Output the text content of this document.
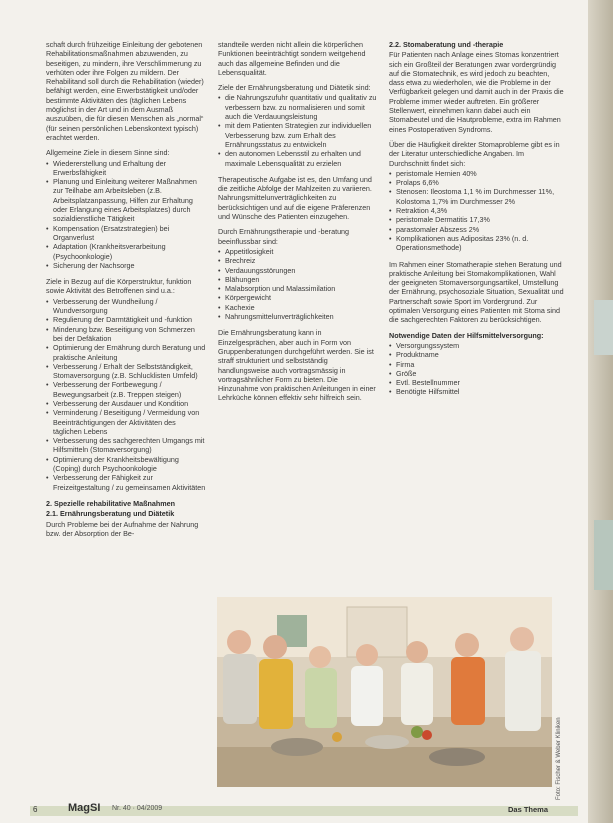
schaft durch frühzeitige Einleitung der gebotenen Rehabilitationsmaßnahmen abzuwenden, zu beseitigen, zu mindern, ihre Verschlimmerung zu verhüten oder ihre Folgen zu mildern. Der Rehabilitand soll durch die Rehabilitation (wieder) befähigt werden, eine Erwerbstätigkeit und/oder bestimmte Aktivitäten des (täglichen Lebens möglichst in der Art und in dem Ausmaß auszuüben, die für diesen Menschen als „normal“ (für seinen persönlichen Lebenskontext typisch) erachtet werden.

Allgemeine Ziele in diesem Sinne sind:

• Wiedererstellung und Erhaltung der Erwerbsfähigkeit
• Planung und Einleitung weiterer Maßnahmen zur Teilhabe am Arbeitsleben (z.B. Arbeitsplatzanpassung, Hilfen zur Erhaltung oder Erlangung eines Arbeitsplatzes) durch sozialdienstliche Tätigkeit
• Kompensation (Ersatzstrategien) bei Organverlust
• Adaptation (Krankheitsverarbeitung (Psychoonkologie)
• Sicherung der Nachsorge

Ziele in Bezug auf die Körperstruktur, funktion sowie Aktivität des Betroffenen sind u.a.:

• Verbesserung der Wundheilung / Wundversorgung
• Regulierung der Darmtätigkeit und -funktion
• Minderung bzw. Beseitigung von Schmerzen bei der Defäkation
• Optimierung der Ernährung durch Beratung und praktische Anleitung
• Verbesserung / Erhalt der Selbstständigkeit, Stomaversorgung (z.B. Schlucklisten Umfeld)
• Verbesserung der Fortbewegung / Bewegungsarbeit (z.B. Treppen steigen)
• Verbesserung der Ausdauer und Kondition
• Verminderung / Beseitigung / Vermeidung von Beeinträchtigungen der Aktivitäten des täglichen Lebens
• Verbesserung des sachgerechten Umgangs mit Hilfsmitteln (Stomaversorgung)
• Optimierung der Krankheitsbewältigung (Coping) durch Psychoonkologie
• Verbesserung der Fähigkeit zur Freizeitgestaltung / zu gemeinsamen Aktivitäten
2. Spezielle rehabilitative Maßnahmen
2.1. Ernährungsberatung und Diätetik

Durch Probleme bei der Aufnahme der Nahrung bzw. der Absorption der Be-

standteile werden nicht allein die körperlichen Funktionen beeinträchtigt sondern weitgehend auch das allgemeine Befinden und die Lebensqualität.

Ziele der Ernährungsberatung und Diätetik sind:

• die Nahrungszufuhr quantitativ und qualitativ zu verbessern bzw. zu normalisieren und somit auch die Verdauungsleistung
• mit dem Patienten Strategien zur individuellen Verbesserung bzw. zum Erhalt des Ernährungsstatus zu entwickeln
• den autonomen Lebensstil zu erhalten und maximale Lebensqualität zu erzielen

Therapeutische Aufgabe ist es, den Umfang und die zeitliche Abfolge der Mahlzeiten zu variieren. Nahrungsmittelunverträglichkeiten zu berücksichtigen und auf die eigene Präferenzen und Wünsche des Patienten einzugehen.

Durch Ernährungstherapie und -beratung beeinflussbar sind:

• Appetitlosigkeit
• Brechreiz
• Verdauungsstörungen
• Blähungen
• Malabsorption und Malassimilation
• Körpergewicht
• Kachexie
• Nahrungsmittelunverträglichkeiten

Die Ernährungsberatung kann in Einzelgesprächen, aber auch in Form von Gruppenberatungen durchgeführt werden. Sie ist straff strukturiert und selbstständig handlungsweise auch vortragsmässig in vortragsähnlicher Form zu bieten. Die Hinzunahme von praktischen Anleitungen in einer Lehrküche können effektiv sehr hilfreich sein.

2.2. Stomaberatung und -therapie

Für Patienten nach Anlage eines Stomas konzentriert sich ein Großteil der Beratungen zwar vordergründig auf die Stomatechnik, es wird jedoch zu beachten, dass etwa zu wiederholen, wie die Probleme in der Verfügbarkeit gelegen und damit auch in der Praxis die Probleme immer wieder auftreten. Ein größerer Stellenwert, einnehmen kann dabei auch ein Stomabeutel und die Hautprobleme, extra im Rahmen eines Postoperativen Syndroms.

Über die Häufigkeit direkter Stomaprobleme gibt es in der Literatur unterschiedliche Angaben. Im Durchschnitt findet sich:

• peristomale Hernien 40%
• Prolaps 6,6%
• Stenosen: Ileostoma 1,1 % im Durchmesser 11%, Kolostoma 1,7% im Durchmesser 2%
• Retraktion 4,3%
• peristomale Dermatitis 17,3%
• parastomaler Abszess 2%
• Komplikationen aus Adipositas 23% (n. d. Operationsmethode)

Im Rahmen einer Stomatherapie stehen Beratung und praktische Anleitung bei Stomakomplikationen, Wahl der geeigneten Stomaversorgungsartikel, Umstellung der Ernährung, psychosoziale Situation, Sexualität und Partnerschaft sowie Sport im Vordergrund. Zur optimalen Versorgung eines Patienten mit Stoma sind die sachgerechten Faktoren zu berücksichtigen.

Notwendige Daten der Hilfsmittelversorgung:
• Versorgungssystem
• Produktname
• Firma
• Größe
• Evtl. Bestellnummer
• Benötigte Hilfsmittel
Foto: Fischer & Weber Kliniken
6	MagSI Nr. 40 · 04/2009	Das Thema
